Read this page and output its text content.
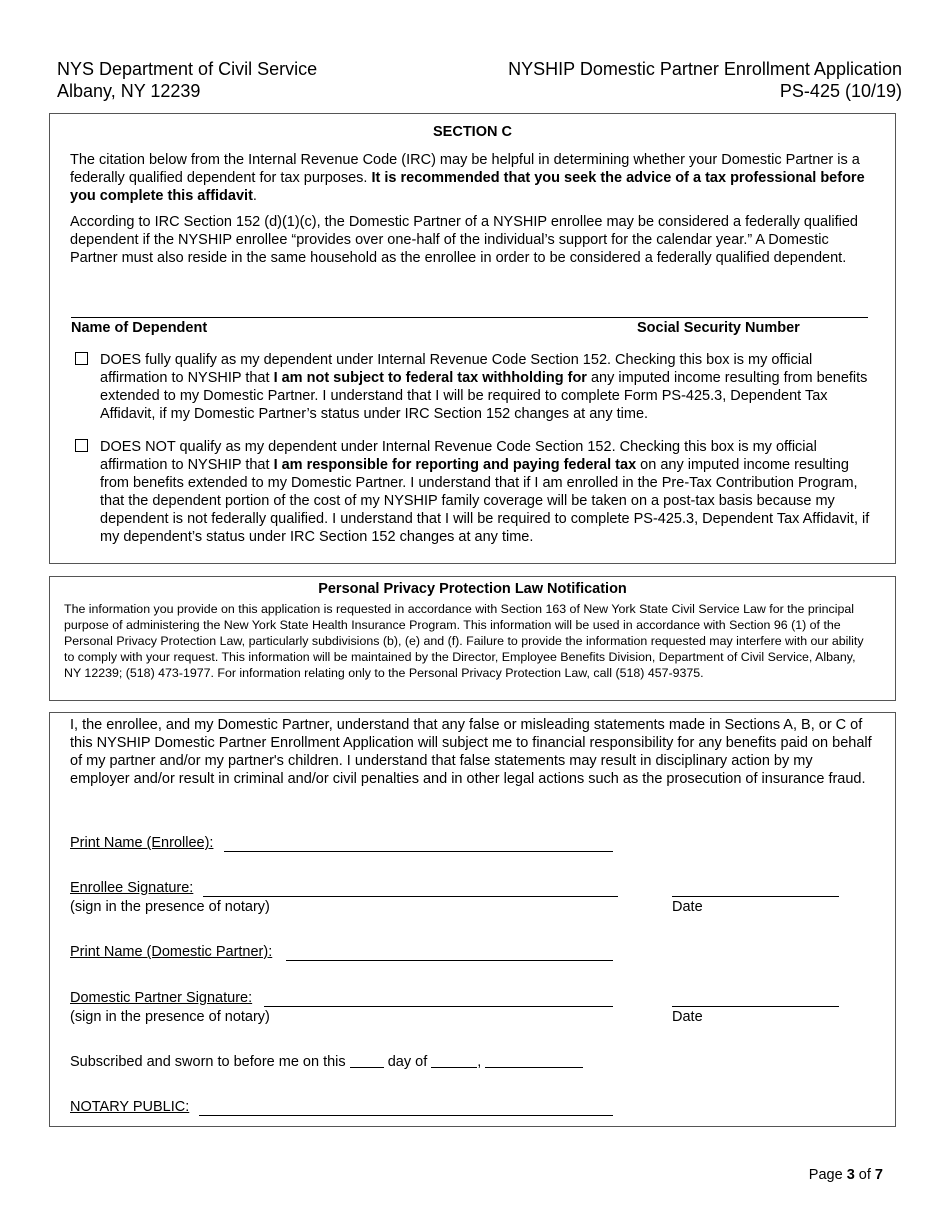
NYS Department of Civil Service
Albany, NY 12239
NYSHIP Domestic Partner Enrollment Application
PS-425 (10/19)
SECTION C
The citation below from the Internal Revenue Code (IRC) may be helpful in determining whether your Domestic Partner is a federally qualified dependent for tax purposes. It is recommended that you seek the advice of a tax professional before you complete this affidavit.
According to IRC Section 152 (d)(1)(c), the Domestic Partner of a NYSHIP enrollee may be considered a federally qualified dependent if the NYSHIP enrollee “provides over one-half of the individual’s support for the calendar year.” A Domestic Partner must also reside in the same household as the enrollee in order to be considered a federally qualified dependent.
Name of Dependent	Social Security Number
DOES fully qualify as my dependent under Internal Revenue Code Section 152. Checking this box is my official affirmation to NYSHIP that I am not subject to federal tax withholding for any imputed income resulting from benefits extended to my Domestic Partner. I understand that I will be required to complete Form PS-425.3, Dependent Tax Affidavit, if my Domestic Partner’s status under IRC Section 152 changes at any time.
DOES NOT qualify as my dependent under Internal Revenue Code Section 152. Checking this box is my official affirmation to NYSHIP that I am responsible for reporting and paying federal tax on any imputed income resulting from benefits extended to my Domestic Partner. I understand that if I am enrolled in the Pre-Tax Contribution Program, that the dependent portion of the cost of my NYSHIP family coverage will be taken on a post-tax basis because my dependent is not federally qualified. I understand that I will be required to complete PS-425.3, Dependent Tax Affidavit, if my dependent’s status under IRC Section 152 changes at any time.
Personal Privacy Protection Law Notification
The information you provide on this application is requested in accordance with Section 163 of New York State Civil Service Law for the principal purpose of administering the New York State Health Insurance Program. This information will be used in accordance with Section 96 (1) of the Personal Privacy Protection Law, particularly subdivisions (b), (e) and (f). Failure to provide the information requested may interfere with our ability to comply with your request. This information will be maintained by the Director, Employee Benefits Division, Department of Civil Service, Albany, NY 12239; (518) 473-1977. For information relating only to the Personal Privacy Protection Law, call (518) 457-9375.
I, the enrollee, and my Domestic Partner, understand that any false or misleading statements made in Sections A, B, or C of this NYSHIP Domestic Partner Enrollment Application will subject me to financial responsibility for any benefits paid on behalf of my partner and/or my partner's children. I understand that false statements may result in disciplinary action by my employer and/or result in criminal and/or civil penalties and in other legal actions such as the prosecution of insurance fraud.
Print Name (Enrollee):
Enrollee Signature:
(sign in the presence of notary)	Date
Print Name (Domestic Partner):
Domestic Partner Signature:
(sign in the presence of notary)	Date
Subscribed and sworn to before me on this	day of	,
NOTARY PUBLIC:
Page 3 of 7
